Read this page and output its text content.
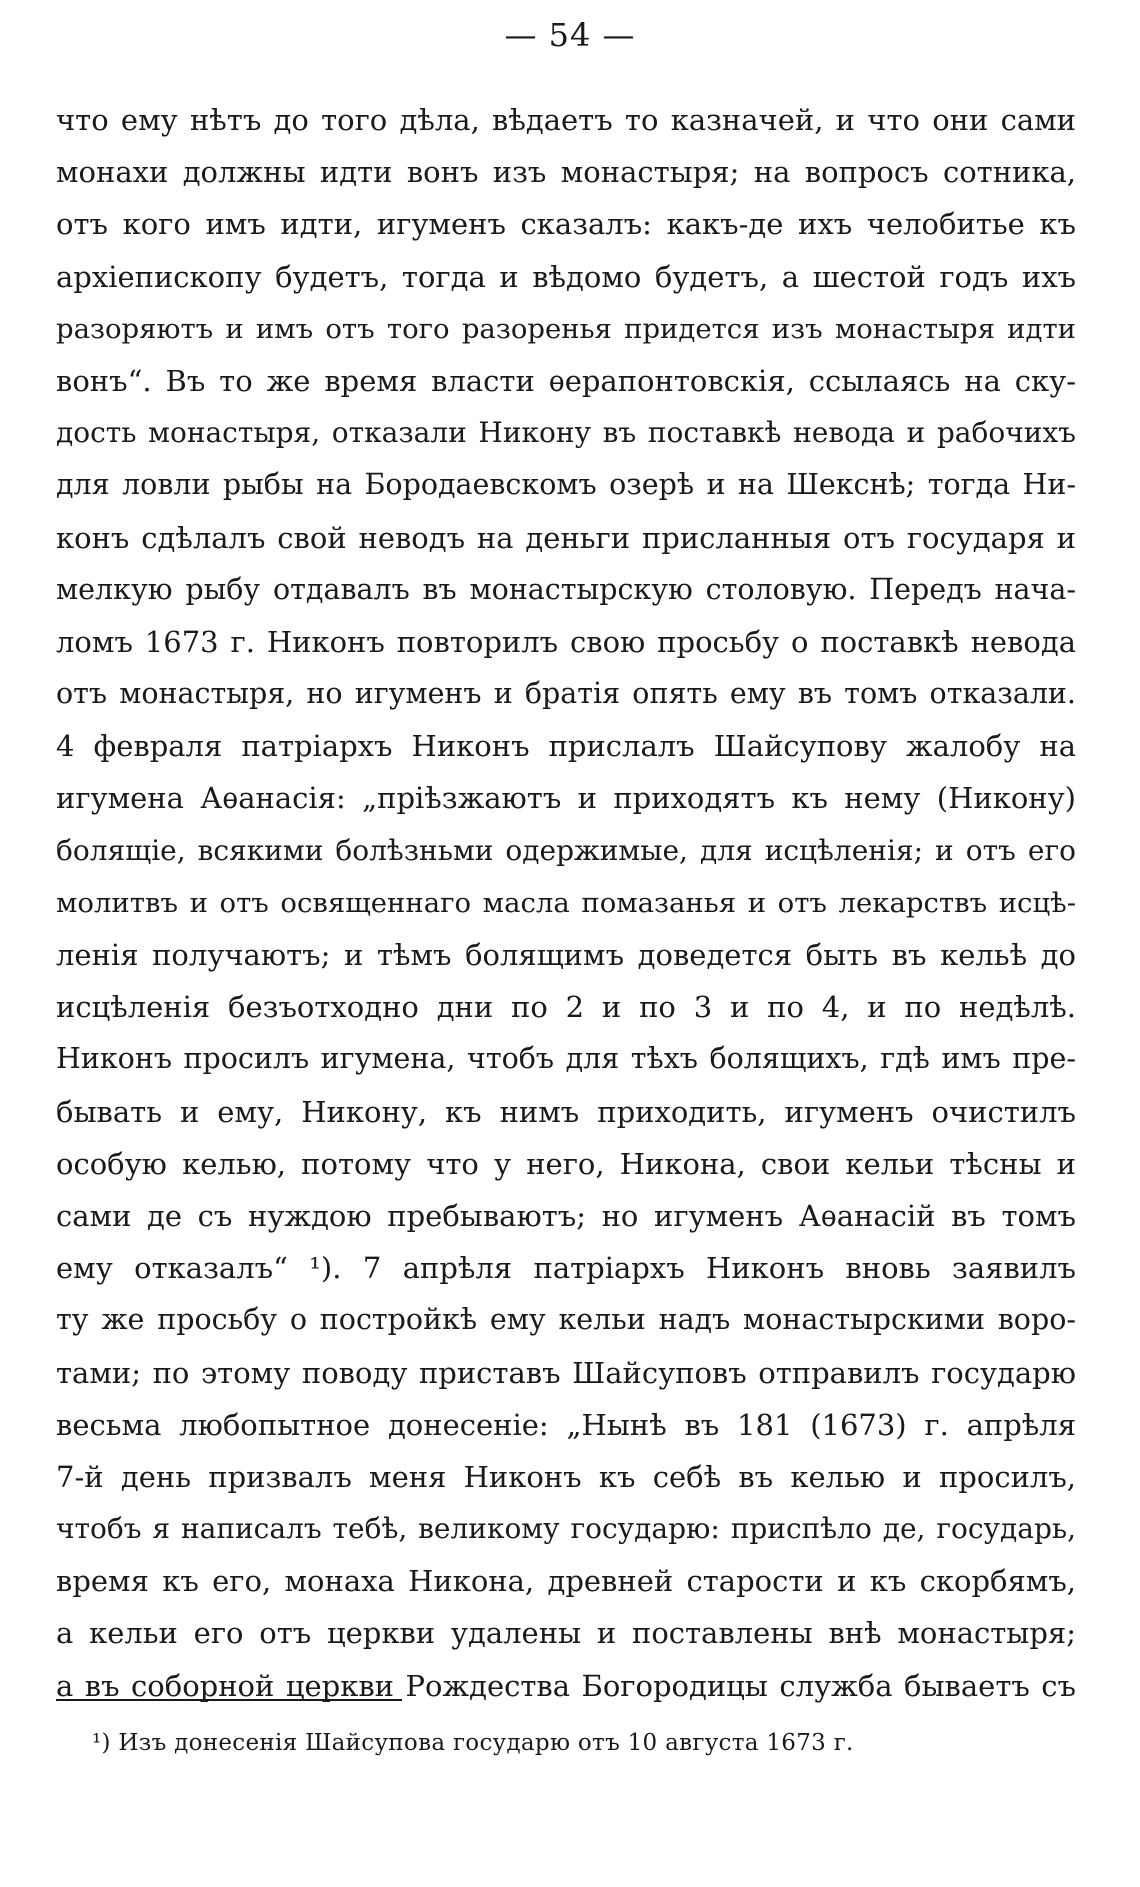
— 54 —
что ему нѣтъ до того дѣла, вѣдаетъ то казначей, и что они сами
монахи должны идти вонъ изъ монастыря; на вопросъ сотника,
отъ кого имъ идти, игуменъ сказалъ: какъ-де ихъ челобитье къ
архіепископу будетъ, тогда и вѣдомо будетъ, а шестой годъ ихъ
разоряютъ и имъ отъ того разоренья придется изъ монастыря идти
вонъ“. Въ то же время власти ѳерапонтовскія, ссылаясь на ску-
дость монастыря, отказали Никону въ поставкѣ невода и рабочихъ
для ловли рыбы на Бородаевскомъ озерѣ и на Шекснѣ; тогда Ни-
конъ сдѣлалъ свой неводъ на деньги присланныя отъ государя и
мелкую рыбу отдавалъ въ монастырскую столовую. Передъ нача-
ломъ 1673 г. Никонъ повторилъ свою просьбу о поставкѣ невода
отъ монастыря, но игуменъ и братія опять ему въ томъ отказали.
4 февраля патріархъ Никонъ прислалъ Шайсупову жалобу на
игумена Аѳанасія: „пріѣзжаютъ и приходятъ къ нему (Никону)
болящіе, всякими болѣзньми одержимые, для исцѣленія; и отъ его
молитвъ и отъ освященнаго масла помазанья и отъ лекарствъ исцѣ-
ленія получаютъ; и тѣмъ болящимъ доведется быть въ кельѣ до
исцѣленія безъотходно дни по 2 и по 3 и по 4, и по недѣлѣ.
Никонъ просилъ игумена, чтобъ для тѣхъ болящихъ, гдѣ имъ пре-
бывать и ему, Никону, къ нимъ приходить, игуменъ очистилъ
особую келью, потому что у него, Никона, свои кельи тѣсны и
сами де съ нуждою пребываютъ; но игуменъ Аѳанасій въ томъ
ему отказалъ“ ¹). 7 апрѣля патріархъ Никонъ вновь заявилъ
ту же просьбу о постройкѣ ему кельи надъ монастырскими воро-
тами; по этому поводу приставъ Шайсуповъ отправилъ государю
весьма любопытное донесеніе: „Нынѣ въ 181 (1673) г. апрѣля
7-й день призвалъ меня Никонъ къ себѣ въ келью и просилъ,
чтобъ я написалъ тебѣ, великому государю: приспѣло де, государь,
время къ его, монаха Никона, древней старости и къ скорбямъ,
а кельи его отъ церкви удалены и поставлены внѣ монастыря;
а въ соборной церкви Рождества Богородицы служба бываетъ съ
¹) Изъ донесенія Шайсупова государю отъ 10 августа 1673 г.
